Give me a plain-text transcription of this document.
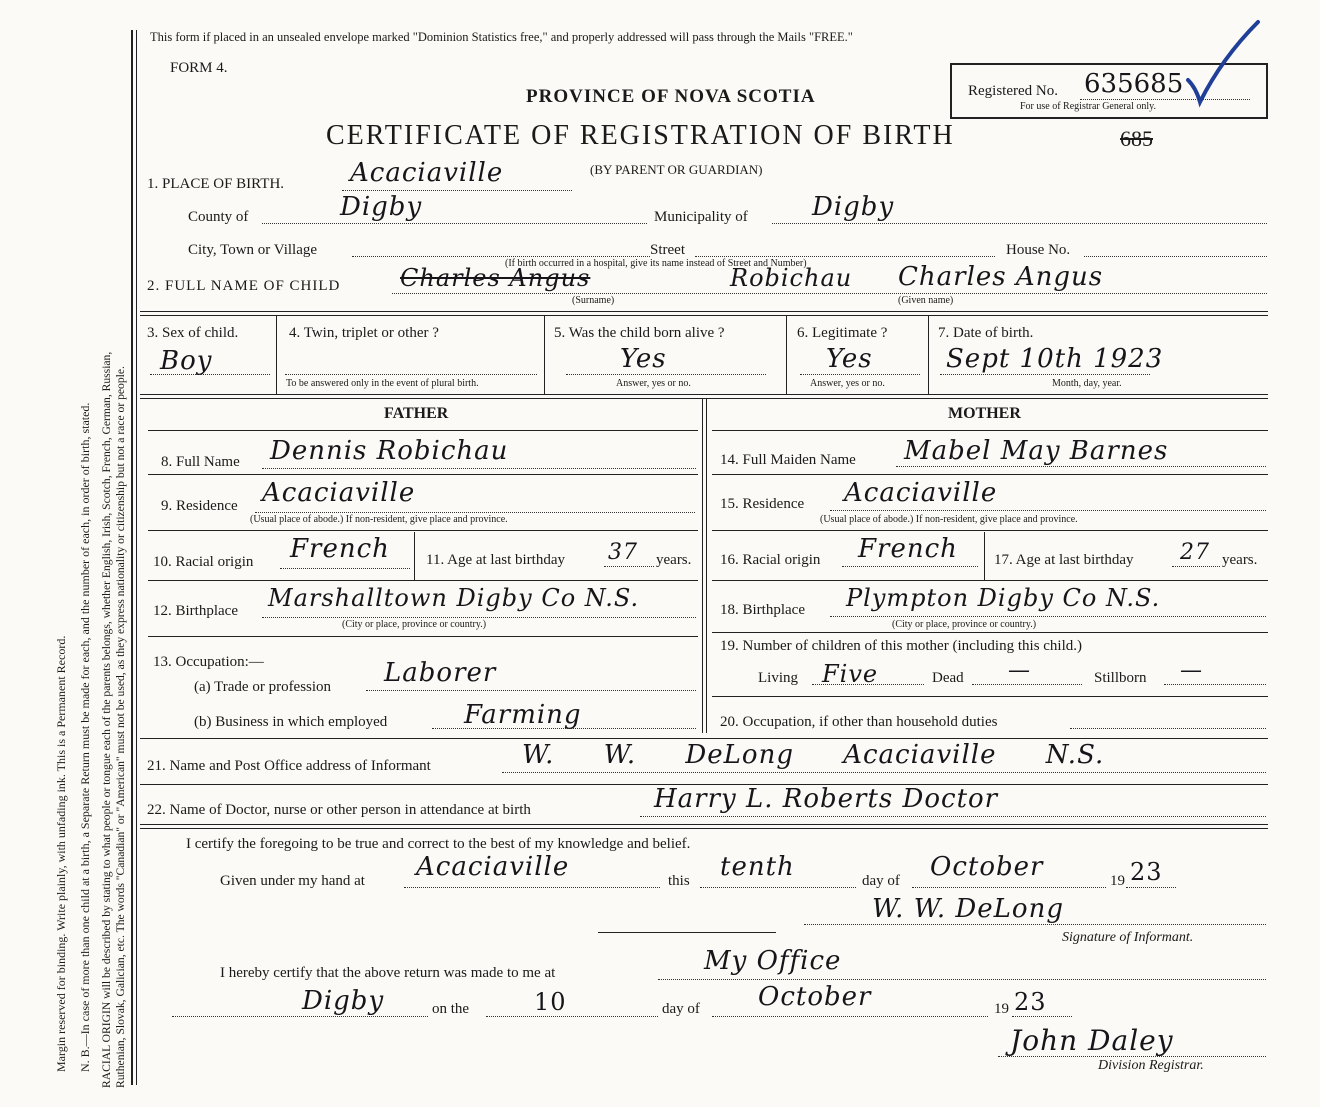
Margin reserved for binding. Write plainly, with unfading ink. This is a Permanent Record. N. B.—In case of more than one child at a birth, a Separate Return must be made for each, and the number of each, in order of birth, stated. RACIAL ORIGIN will be described by stating to what people or tongue each of the parents belongs, whether English, Irish, Scotch, French, German, Russian, Ruthenian, Slovak, Galician, etc. The words "Canadian" or "American" must not be used, as they express nationality or citizenship but not a race or people.
This form if placed in an unsealed envelope marked "Dominion Statistics free," and properly addressed will pass through the Mails "FREE."
FORM 4.
PROVINCE OF NOVA SCOTIA
CERTIFICATE OF REGISTRATION OF BIRTH
(BY PARENT OR GUARDIAN)
685
Registered No. 635685
For use of Registrar General only.
1. PLACE OF BIRTH.	Acaciaville
County of	Digby	Municipality of Digby
City, Town or Village	Street	House No.
(If birth occurred in a hospital, give its name instead of Street and Number)
2. FULL NAME OF CHILD Charles Angus	Robichau Charles Angus
(Surname)	(Given name)
3. Sex of child.
Boy
4. Twin, triplet or other ?
To be answered only in the event of plural birth.
5. Was the child born alive ?
Yes
Answer, yes or no.
6. Legitimate ?
Yes
Answer, yes or no.
7. Date of birth.
Sept 10th 1923
Month, day, year.
FATHER	MOTHER
8. Full Name Dennis Robichau	14. Full Maiden Name Mabel May Barnes
9. Residence Acaciaville
(Usual place of abode.) If non-resident, give place and province.
15. Residence Acaciaville
(Usual place of abode.) If non-resident, give place and province.
10. Racial origin French 11. Age at last birthday 37 years. 16. Racial origin French 17. Age at last birthday 27 years.
12. Birthplace Marshalltown Digby Co N.S.
(City or place, province or country.)
18. Birthplace Plympton Digby Co N.S.
(City or place, province or country.)
13. Occupation:—
(a) Trade or profession Laborer
(b) Business in which employed	Farming
19. Number of children of this mother (including this child.)
Living Five	Dead —	Stillborn —
20. Occupation, if other than household duties
21. Name and Post Office address of Informant	W. W. DeLong Acaciaville N.S.
22. Name of Doctor, nurse or other person in attendance at birth	Harry L. Roberts Doctor
I certify the foregoing to be true and correct to the best of my knowledge and belief.
Given under my hand at Acaciaville	this tenth	day of October	19 23
W. W. DeLong
Signature of Informant.
I hereby certify that the above return was made to me at	My Office
Digby	on the	10	day of October	19 23
John Daley
Division Registrar.
